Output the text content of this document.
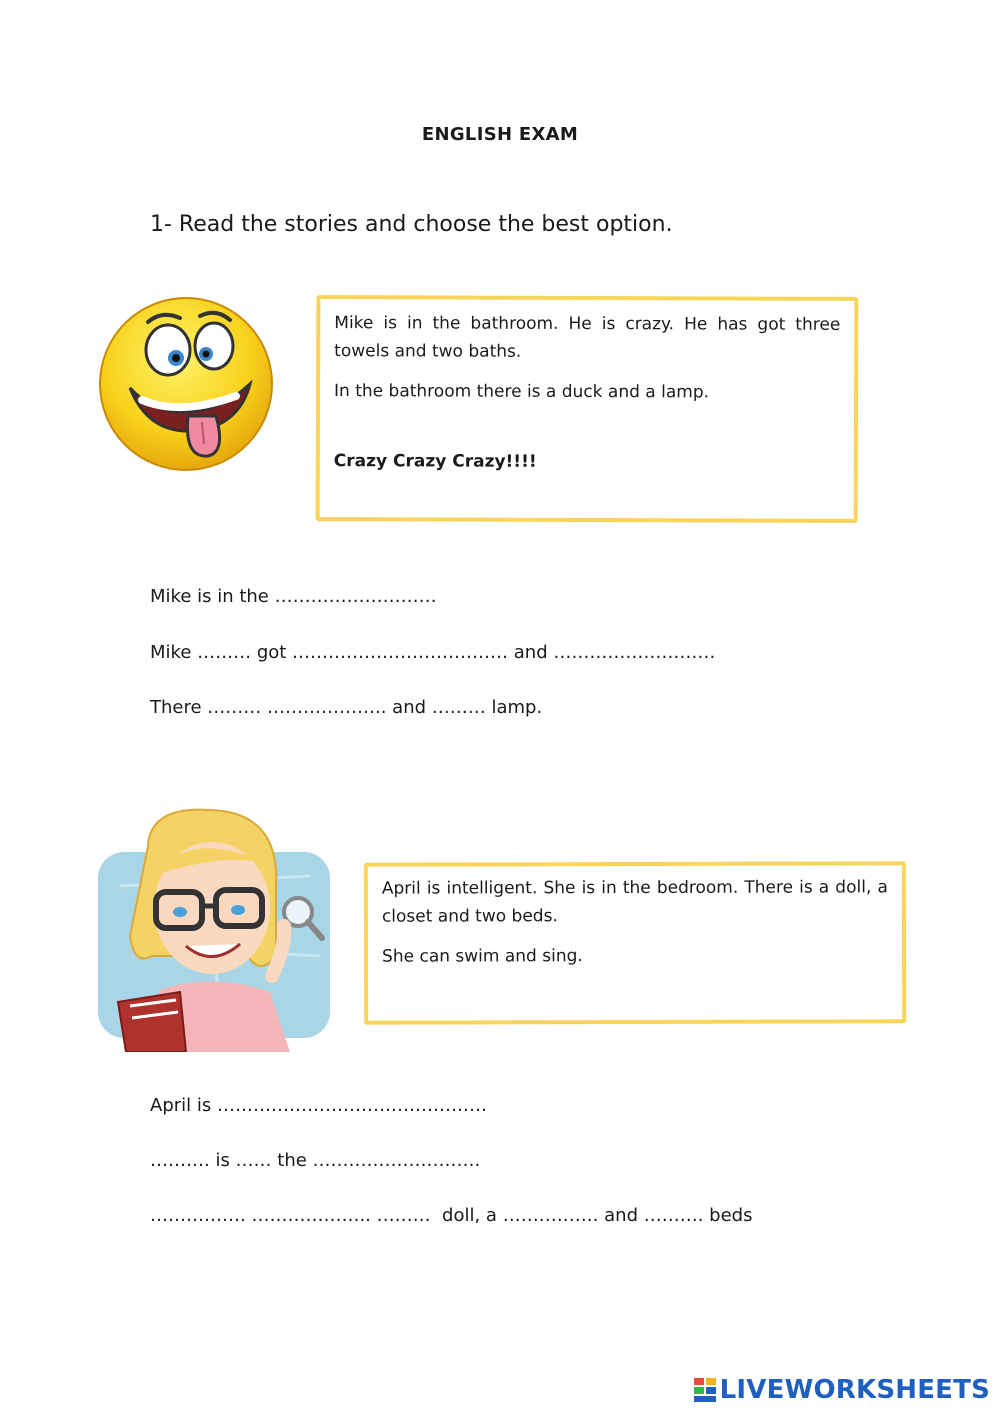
ENGLISH EXAM
1- Read the stories and choose the best option.

Mike is in the bathroom. He is crazy. He has got three towels and two baths.

In the bathroom there is a duck and a lamp.

Crazy Crazy Crazy!!!!

Mike is in the ………………………
Mike ……… got ……………………………… and ………………………
There ……… ……………….. and ……… lamp.

April is intelligent. She is in the bedroom. There is a doll, a closet and two beds.

She can swim and sing.

April is ………………………………………
………. is …… the ……………………….
……………. ……………….. ………  doll, a ……………. and ………. beds
LIVEWORKSHEETS
